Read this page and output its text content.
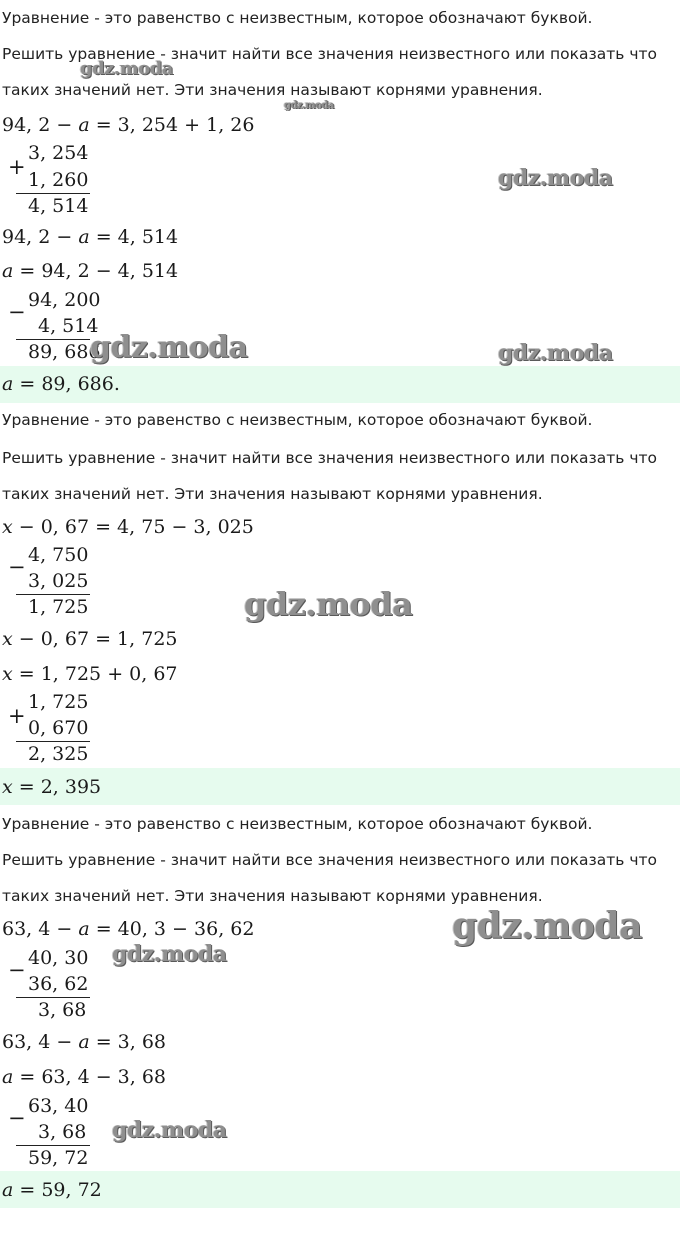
Уравнение - это равенство с неизвестным, которое обозначают буквой.
Решить уравнение - значит найти все значения неизвестного или показать что
таких значений нет. Эти значения называют корнями уравнения.
94, 2 − a = 3, 254 + 1, 26
+
3, 254
1, 260
4, 514
94, 2 − a = 4, 514
a = 94, 2 − 4, 514
− 94, 200
4, 514
89, 686
a = 89, 686.
Уравнение - это равенство с неизвестным, которое обозначают буквой.
Решить уравнение - значит найти все значения неизвестного или показать что
таких значений нет. Эти значения называют корнями уравнения.
x − 0, 67 = 4, 75 − 3, 025
− 4, 750
3, 025
1, 725
x − 0, 67 = 1, 725
x = 1, 725 + 0, 67
+
1, 725
0, 670
2, 325
x = 2, 395
Уравнение - это равенство с неизвестным, которое обозначают буквой.
Решить уравнение - значит найти все значения неизвестного или показать что
таких значений нет. Эти значения называют корнями уравнения.
63, 4 − a = 40, 3 − 36, 62
− 40, 30
36, 62
3, 68
63, 4 − a = 3, 68
a = 63, 4 − 3, 68
− 63, 40
3, 68
59, 72
a = 59, 72
gdz.moda
gdz.moda
gdz.moda
gdz.moda	gdz.moda
gdz.moda
gdz.moda
gdz.moda
gdz.moda
